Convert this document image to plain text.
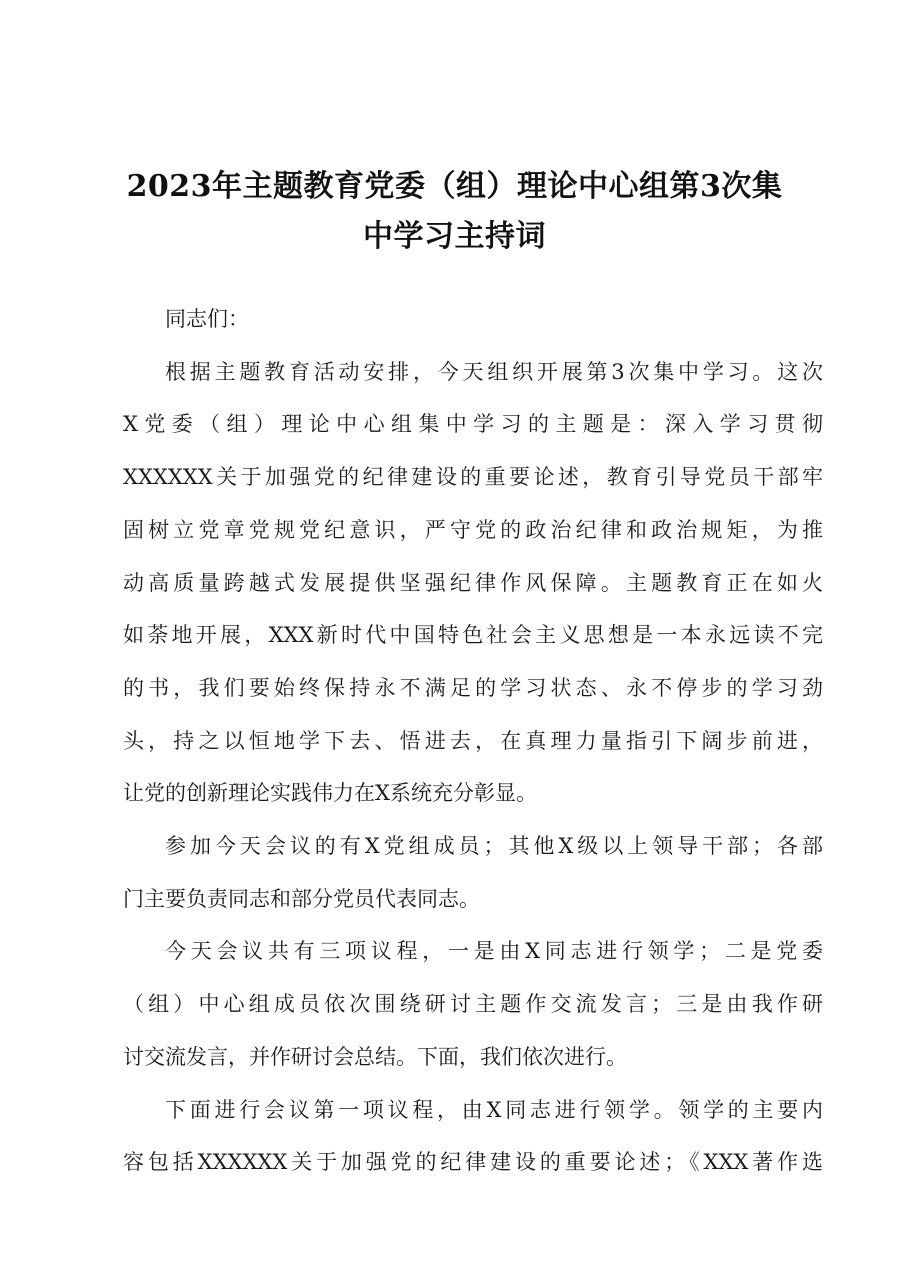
2023年主题教育党委（组）理论中心组第3次集
中学习主持词

同志们：

根据主题教育活动安排，今天组织开展第3次集中学习。这次
X党委（组）理论中心组集中学习的主题是：深入学习贯彻
XXXXXX关于加强党的纪律建设的重要论述，教育引导党员干部牢
固树立党章党规党纪意识，严守党的政治纪律和政治规矩，为推
动高质量跨越式发展提供坚强纪律作风保障。主题教育正在如火
如荼地开展，XXX新时代中国特色社会主义思想是一本永远读不完
的书，我们要始终保持永不满足的学习状态、永不停步的学习劲
头，持之以恒地学下去、悟进去，在真理力量指引下阔步前进，
让党的创新理论实践伟力在X系统充分彰显。

参加今天会议的有X党组成员；其他X级以上领导干部；各部
门主要负责同志和部分党员代表同志。

今天会议共有三项议程，一是由X同志进行领学；二是党委
（组）中心组成员依次围绕研讨主题作交流发言；三是由我作研
讨交流发言，并作研讨会总结。下面，我们依次进行。

下面进行会议第一项议程，由X同志进行领学。领学的主要内
容包括XXXXXX关于加强党的纪律建设的重要论述；《XXX著作选
